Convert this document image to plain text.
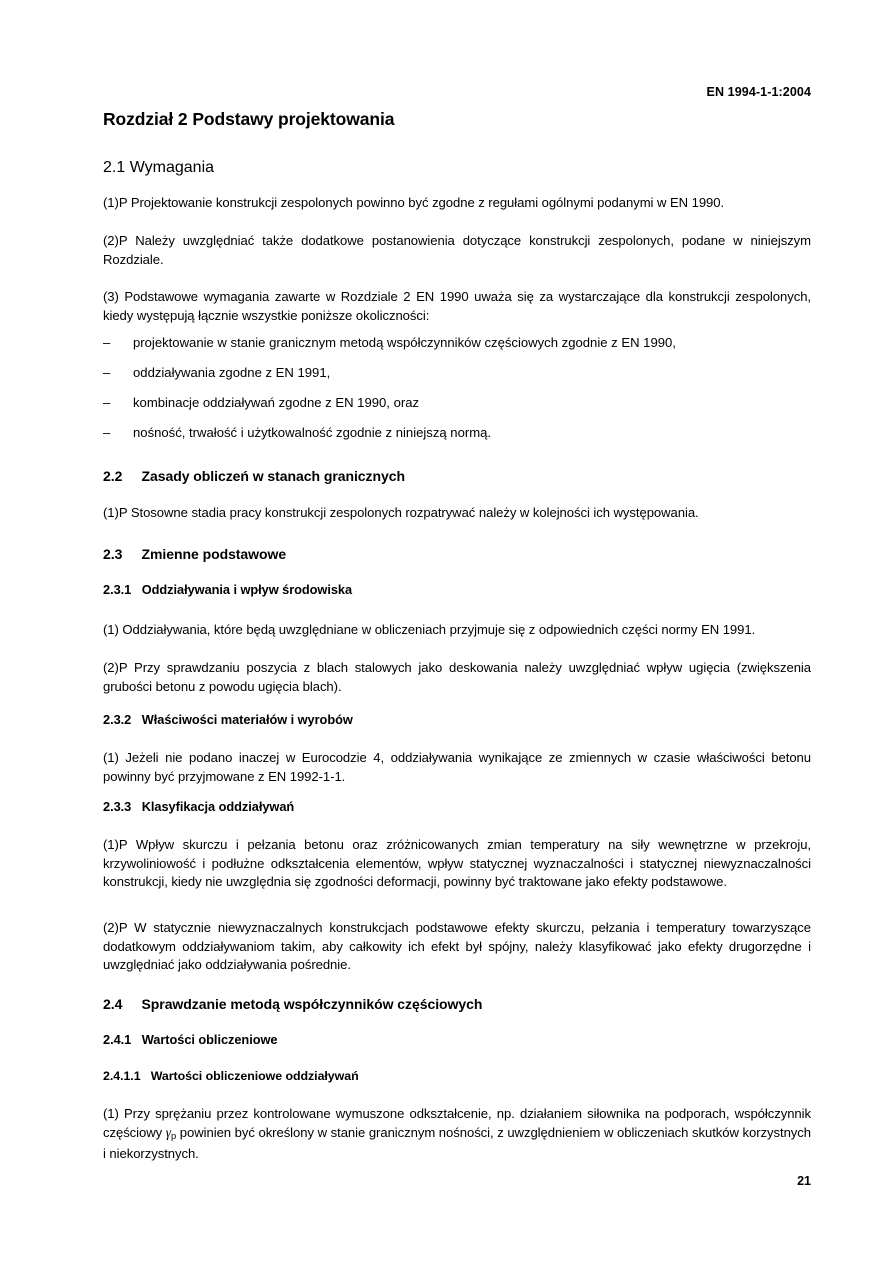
EN 1994-1-1:2004
Rozdział 2 Podstawy projektowania
2.1 Wymagania
(1)P Projektowanie konstrukcji zespolonych powinno być zgodne z regułami ogólnymi podanymi w EN 1990.
(2)P Należy uwzględniać także dodatkowe postanowienia dotyczące konstrukcji zespolonych, podane w niniejszym Rozdziale.
(3) Podstawowe wymagania zawarte w Rozdziale 2 EN 1990 uważa się za wystarczające dla konstrukcji zespolonych, kiedy występują łącznie wszystkie poniższe okoliczności:
– projektowanie w stanie granicznym metodą współczynników częściowych zgodnie z EN 1990,
– oddziaływania zgodne z EN 1991,
– kombinacje oddziaływań zgodne z EN 1990, oraz
– nośność, trwałość i użytkowalność zgodnie z niniejszą normą.
2.2     Zasady obliczeń w stanach granicznych
(1)P Stosowne stadia pracy konstrukcji zespolonych rozpatrywać należy w kolejności ich występowania.
2.3     Zmienne podstawowe
2.3.1   Oddziaływania i wpływ środowiska
(1) Oddziaływania, które będą uwzględniane w obliczeniach przyjmuje się z odpowiednich części normy EN 1991.
(2)P Przy sprawdzaniu poszycia z blach stalowych jako deskowania należy uwzględniać wpływ ugięcia (zwiększenia grubości betonu z powodu ugięcia blach).
2.3.2   Właściwości materiałów i wyrobów
(1) Jeżeli nie podano inaczej w Eurocodzie 4, oddziaływania wynikające ze zmiennych w czasie właściwości betonu powinny być przyjmowane z EN 1992-1-1.
2.3.3   Klasyfikacja oddziaływań
(1)P Wpływ skurczu i pełzania betonu oraz zróżnicowanych zmian temperatury na siły wewnętrzne w przekroju, krzywoliniowość i podłużne odkształcenia elementów, wpływ statycznej wyznaczalności i statycznej niewyznaczalności konstrukcji, kiedy nie uwzględnia się zgodności deformacji, powinny być traktowane jako efekty podstawowe.
(2)P W statycznie niewyznaczalnych konstrukcjach podstawowe efekty skurczu, pełzania i temperatury towarzyszące dodatkowym oddziaływaniom takim, aby całkowity ich efekt był spójny, należy klasyfikować jako efekty drugorzędne i uwzględniać jako oddziaływania pośrednie.
2.4     Sprawdzanie metodą współczynników częściowych
2.4.1   Wartości obliczeniowe
2.4.1.1   Wartości obliczeniowe oddziaływań
(1) Przy sprężaniu przez kontrolowane wymuszone odkształcenie, np. działaniem siłownika na podporach, współczynnik częściowy $\gamma_p$ powinien być określony w stanie granicznym nośności, z uwzględnieniem w obliczeniach skutków korzystnych i niekorzystnych.
21
